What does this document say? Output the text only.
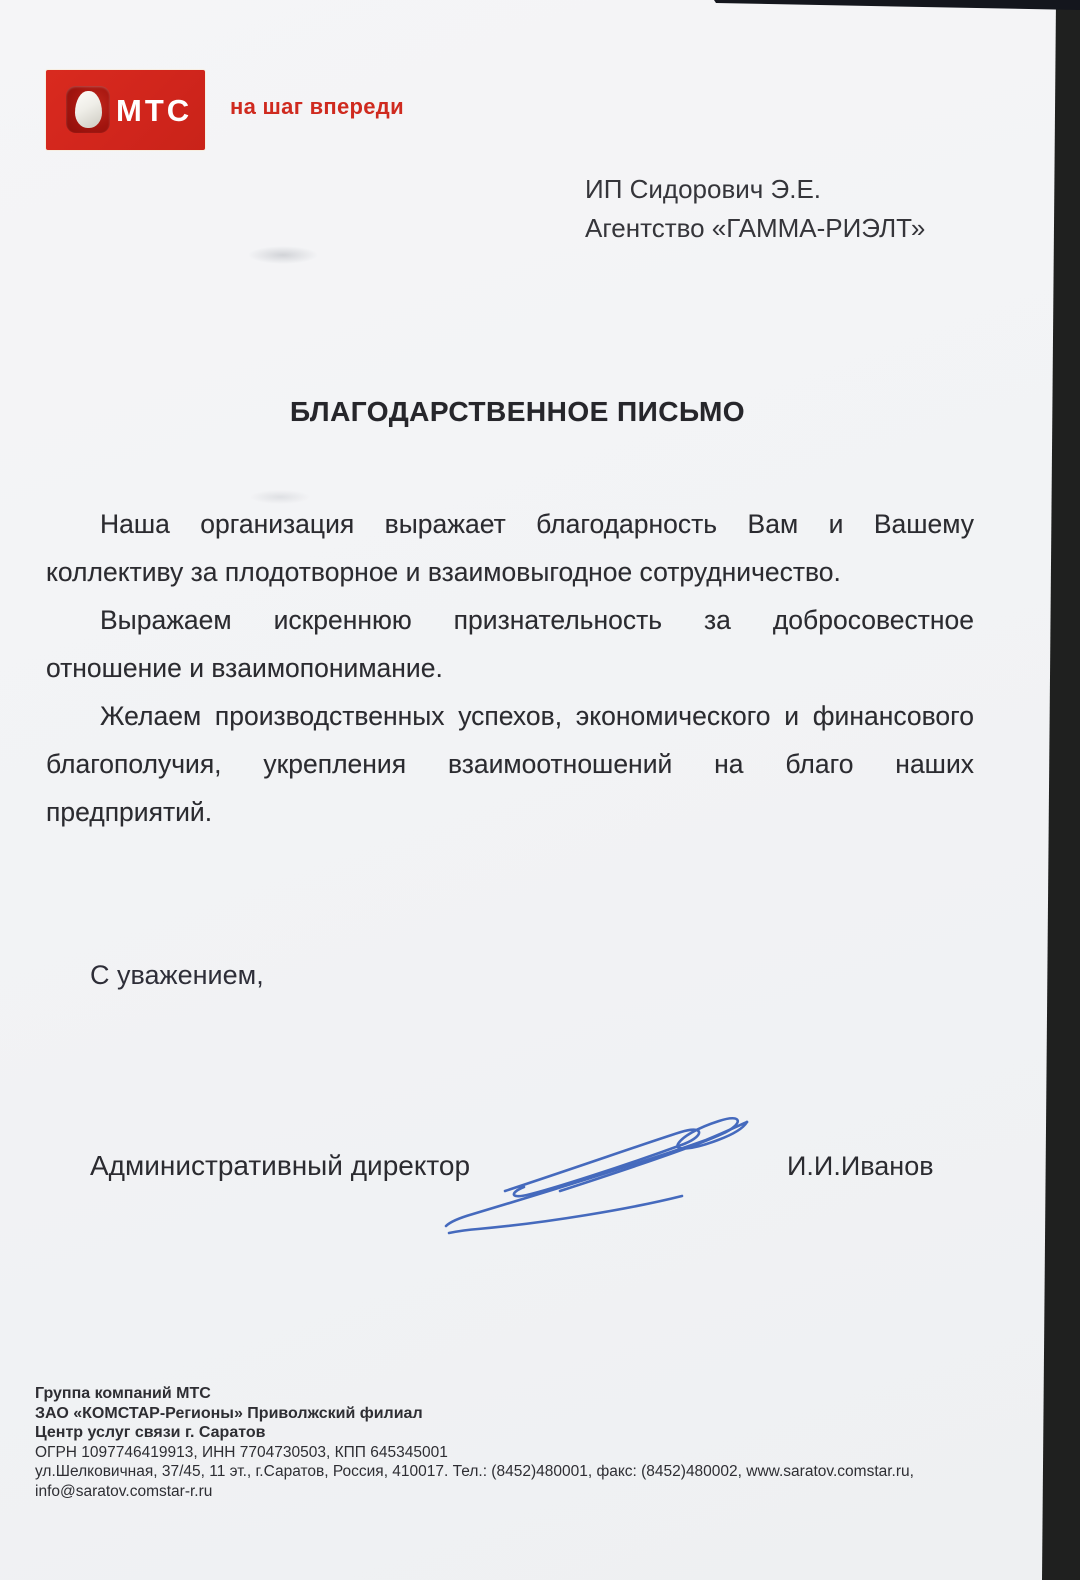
МТС на шаг впереди
ИП Сидорович Э.Е.
Агентство «ГАММА-РИЭЛТ»
БЛАГОДАРСТВЕННОЕ ПИСЬМО
Наша организация выражает благодарность Вам и Вашему
коллективу за плодотворное и взаимовыгодное сотрудничество.
Выражаем искреннюю признательность за добросовестное
отношение и взаимопонимание.
Желаем производственных успехов, экономического и финансового
благополучия, укрепления взаимоотношений на благо наших
предприятий.
С уважением,
Административный директор	И.И.Иванов
Группа компаний МТС
ЗАО «КОМСТАР-Регионы» Приволжский филиал
Центр услуг связи г. Саратов
ОГРН 1097746419913, ИНН 7704730503, КПП 645345001
ул.Шелковичная, 37/45, 11 эт., г.Саратов, Россия, 410017. Тел.: (8452)480001, факс: (8452)480002, www.saratov.comstar.ru,
info@saratov.comstar-r.ru
